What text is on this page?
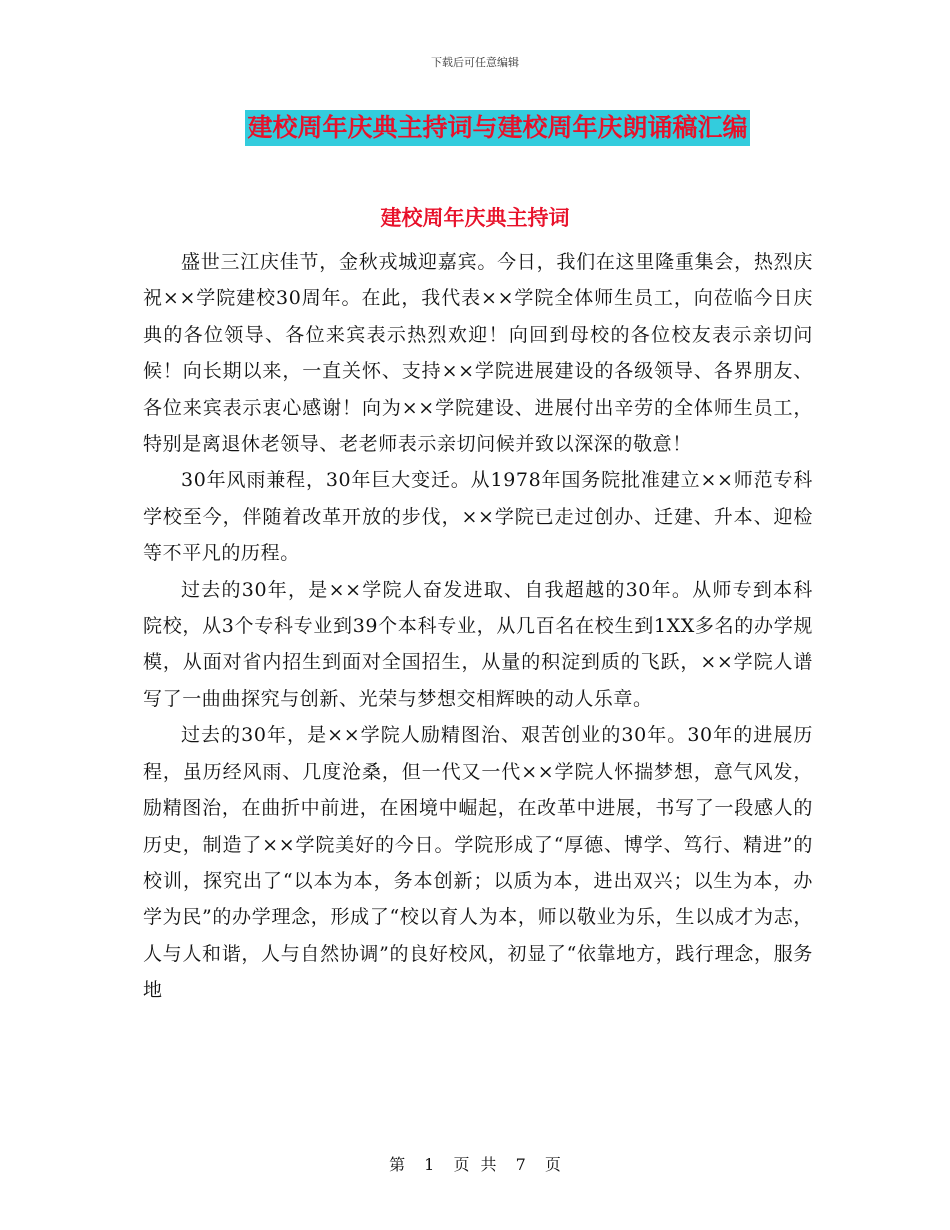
下载后可任意编辑
建校周年庆典主持词与建校周年庆朗诵稿汇编
建校周年庆典主持词

盛世三江庆佳节，金秋戎城迎嘉宾。今日，我们在这里隆重集会，热烈庆祝××学院建校30周年。在此，我代表××学院全体师生员工，向莅临今日庆典的各位领导、各位来宾表示热烈欢迎！向回到母校的各位校友表示亲切问候！向长期以来，一直关怀、支持××学院进展建设的各级领导、各界朋友、各位来宾表示衷心感谢！向为××学院建设、进展付出辛劳的全体师生员工，特别是离退休老领导、老老师表示亲切问候并致以深深的敬意！

30年风雨兼程，30年巨大变迁。从1978年国务院批准建立××师范专科学校至今，伴随着改革开放的步伐，××学院已走过创办、迁建、升本、迎检等不平凡的历程。

过去的30年，是××学院人奋发进取、自我超越的30年。从师专到本科院校，从3个专科专业到39个本科专业，从几百名在校生到1XX多名的办学规模，从面对省内招生到面对全国招生，从量的积淀到质的飞跃，××学院人谱写了一曲曲探究与创新、光荣与梦想交相辉映的动人乐章。

过去的30年，是××学院人励精图治、艰苦创业的30年。30年的进展历程，虽历经风雨、几度沧桑，但一代又一代××学院人怀揣梦想，意气风发，励精图治，在曲折中前进，在困境中崛起，在改革中进展，书写了一段感人的历史，制造了××学院美好的今日。学院形成了“厚德、博学、笃行、精进”的校训，探究出了“以本为本，务本创新；以质为本，进出双兴；以生为本，办学为民”的办学理念，形成了“校以育人为本，师以敬业为乐，生以成才为志，人与人和谐，人与自然协调”的良好校风，初显了“依靠地方，践行理念，服务地

第 1 页 共 7 页
